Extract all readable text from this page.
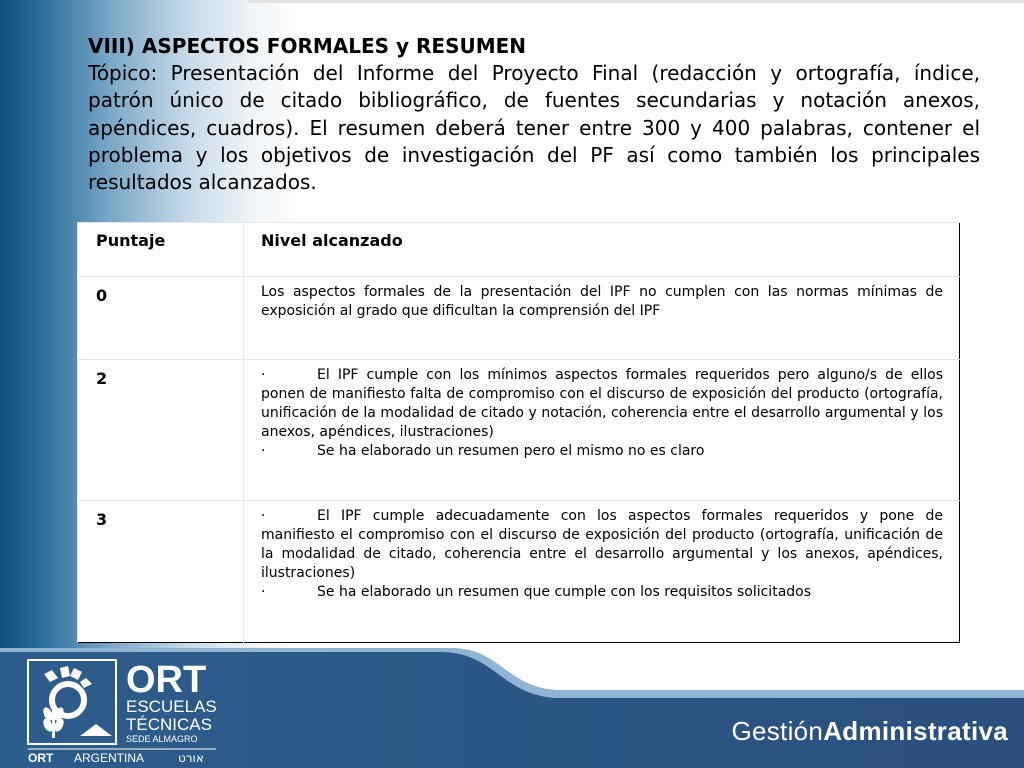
VIII) ASPECTOS FORMALES y RESUMEN
Tópico: Presentación del Informe del Proyecto Final (redacción y ortografía, índice, patrón único de citado bibliográfico, de fuentes secundarias y notación anexos, apéndices, cuadros). El resumen deberá tener entre 300 y 400 palabras, contener el problema y los objetivos de investigación del PF así como también los principales resultados alcanzados.
Puntaje	Nivel alcanzado

0	Los aspectos formales de la presentación del IPF no cumplen con las normas mínimas de exposición al grado que dificultan la comprensión del IPF

2	· El IPF cumple con los mínimos aspectos formales requeridos pero alguno/s de ellos ponen de manifiesto falta de compromiso con el discurso de exposición del producto (ortografía, unificación de la modalidad de citado y notación, coherencia entre el desarrollo argumental y los anexos, apéndices, ilustraciones)
· Se ha elaborado un resumen pero el mismo no es claro

3	· El IPF cumple adecuadamente con los aspectos formales requeridos y pone de manifiesto el compromiso con el discurso de exposición del producto (ortografía, unificación de la modalidad de citado, coherencia entre el desarrollo argumental y los anexos, apéndices, ilustraciones)
· Se ha elaborado un resumen que cumple con los requisitos solicitados
ORT
ESCUELAS
TÉCNICAS
SEDE ALMAGRO
ORT ARGENTINA	אורט
GestiónAdministrativa
